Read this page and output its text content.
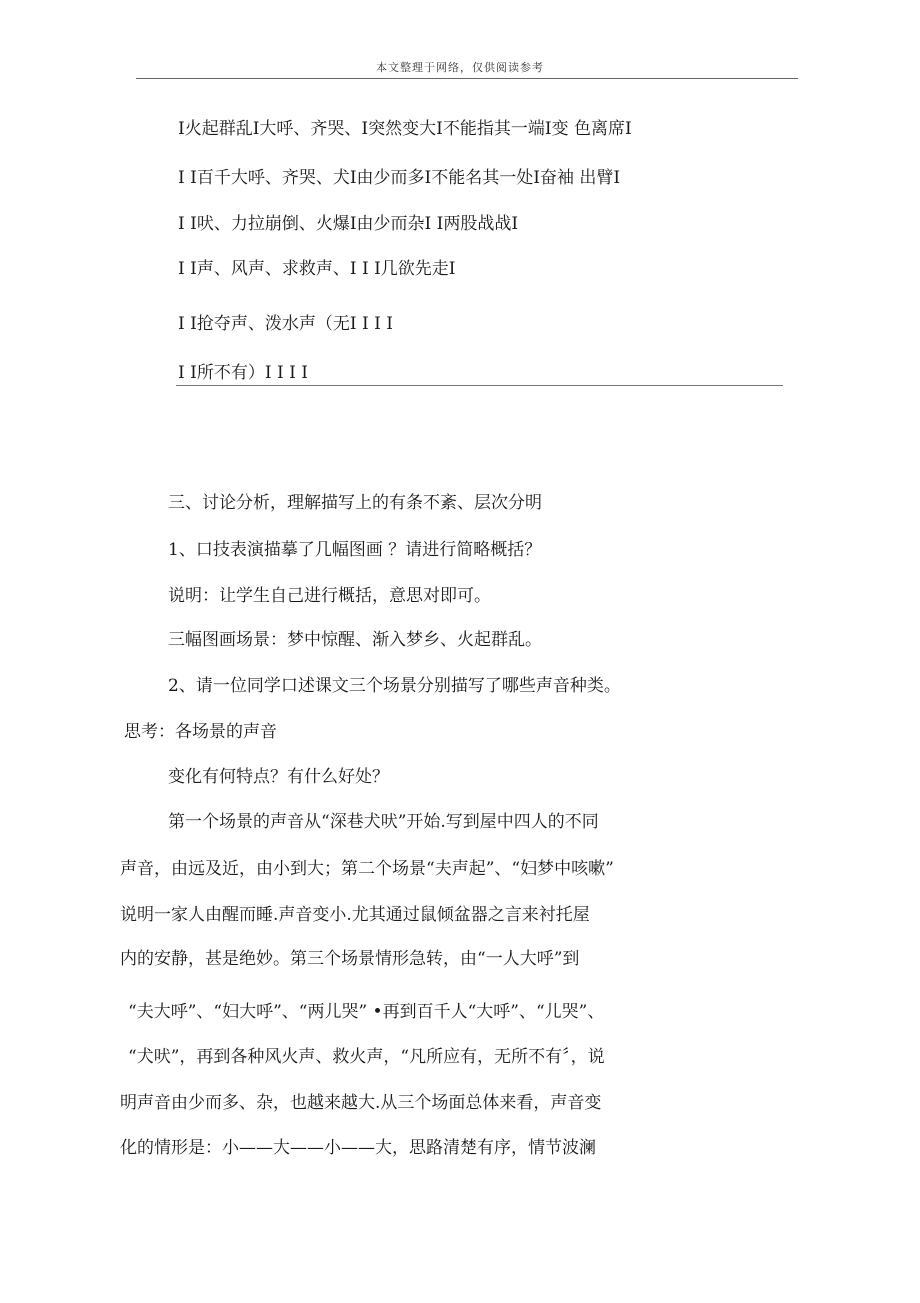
本文整理于网络，仅供阅读参考
Ⅰ火起群乱Ⅰ大呼、齐哭、Ⅰ突然变大Ⅰ不能指其一端Ⅰ变 色离席Ⅰ
Ⅰ Ⅰ百千大呼、齐哭、犬Ⅰ由少而多Ⅰ不能名其一处Ⅰ奋袖 出臂Ⅰ
Ⅰ Ⅰ吠、力拉崩倒、火爆Ⅰ由少而杂Ⅰ Ⅰ两股战战Ⅰ
Ⅰ Ⅰ声、风声、求救声、Ⅰ Ⅰ Ⅰ几欲先走Ⅰ
Ⅰ Ⅰ抢夺声、泼水声（无Ⅰ Ⅰ Ⅰ Ⅰ
Ⅰ Ⅰ所不有）Ⅰ Ⅰ Ⅰ Ⅰ
三、讨论分析，理解描写上的有条不紊、层次分明
1、口技表演描摹了几幅图画 ？请进行简略概括？
说明：让学生自己进行概括，意思对即可。
三幅图画场景：梦中惊醒、渐入梦乡、火起群乱。
2、请一位同学口述课文三个场景分别描写了哪些声音种类。
思考：各场景的声音
变化有何特点？有什么好处？
第一个场景的声音从“深巷犬吠”开始.写到屋中四人的不同
声音，由远及近，由小到大；第二个场景“夫声起”、“妇梦中咳嗽”
说明一家人由醒而睡.声音变小.尤其通过鼠倾盆器之言来衬托屋
内的安静，甚是绝妙。第三个场景情形急转，由“一人大呼”到
“夫大呼”、“妇大呼”、“两儿哭” •再到百千人“大呼”、“儿哭”、
“犬吠”，再到各种风火声、救火声，“凡所应有，无所不有〞，说
明声音由少而多、杂，也越来越大.从三个场面总体来看，声音变
化的情形是：小——大——小——大，思路清楚有序，情节波澜
